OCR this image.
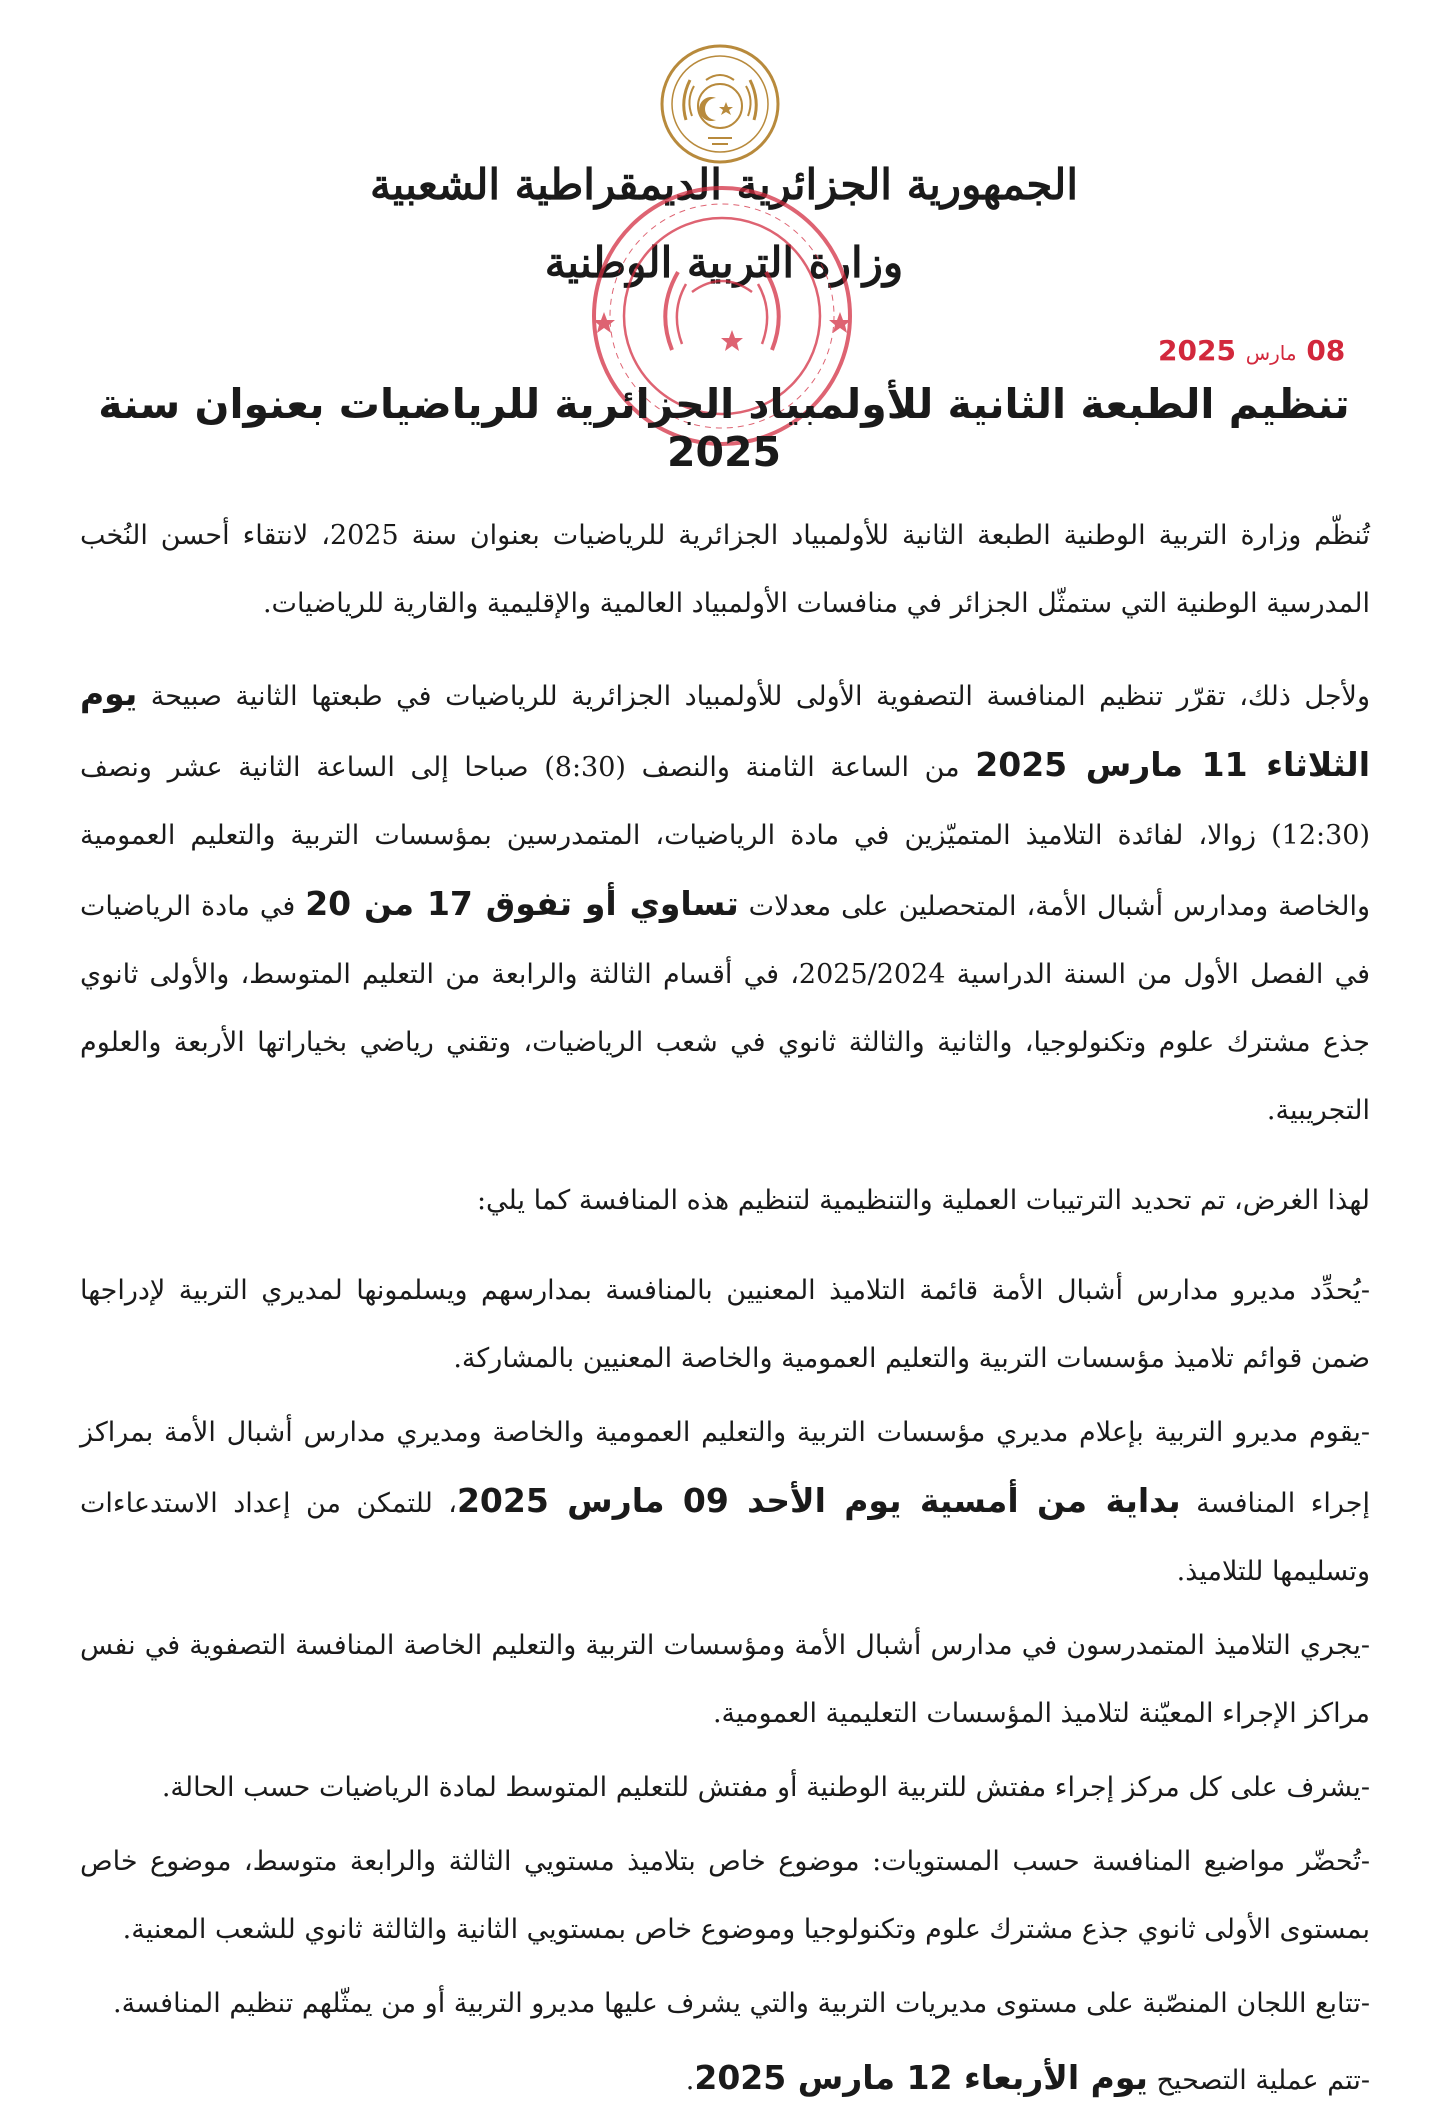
الجمهورية الجزائرية الديمقراطية الشعبية
وزارة التربية الوطنية
08 مارس 2025
تنظيم الطبعة الثانية للأولمبياد الجزائرية للرياضيات بعنوان سنة 2025

تُنظّم وزارة التربية الوطنية الطبعة الثانية للأولمبياد الجزائرية للرياضيات بعنوان سنة 2025، لانتقاء أحسن النُخب المدرسية الوطنية التي ستمثّل الجزائر في منافسات الأولمبياد العالمية والإقليمية والقارية للرياضيات.

ولأجل ذلك، تقرّر تنظيم المنافسة التصفوية الأولى للأولمبياد الجزائرية للرياضيات في طبعتها الثانية صبيحة يوم الثلاثاء 11 مارس 2025 من الساعة الثامنة والنصف (8:30) صباحا إلى الساعة الثانية عشر ونصف (12:30) زوالا، لفائدة التلاميذ المتميّزين في مادة الرياضيات، المتمدرسين بمؤسسات التربية والتعليم العمومية والخاصة ومدارس أشبال الأمة، المتحصلين على معدلات تساوي أو تفوق 17 من 20 في مادة الرياضيات في الفصل الأول من السنة الدراسية 2025/2024، في أقسام الثالثة والرابعة من التعليم المتوسط، والأولى ثانوي جذع مشترك علوم وتكنولوجيا، والثانية والثالثة ثانوي في شعب الرياضيات، وتقني رياضي بخياراتها الأربعة والعلوم التجريبية.

لهذا الغرض، تم تحديد الترتيبات العملية والتنظيمية لتنظيم هذه المنافسة كما يلي:

-يُحدِّد مديرو مدارس أشبال الأمة قائمة التلاميذ المعنيين بالمنافسة بمدارسهم ويسلمونها لمديري التربية لإدراجها ضمن قوائم تلاميذ مؤسسات التربية والتعليم العمومية والخاصة المعنيين بالمشاركة.

-يقوم مديرو التربية بإعلام مديري مؤسسات التربية والتعليم العمومية والخاصة ومديري مدارس أشبال الأمة بمراكز إجراء المنافسة بداية من أمسية يوم الأحد 09 مارس 2025، للتمكن من إعداد الاستدعاءات وتسليمها للتلاميذ.

-يجري التلاميذ المتمدرسون في مدارس أشبال الأمة ومؤسسات التربية والتعليم الخاصة المنافسة التصفوية في نفس مراكز الإجراء المعيّنة لتلاميذ المؤسسات التعليمية العمومية.

-يشرف على كل مركز إجراء مفتش للتربية الوطنية أو مفتش للتعليم المتوسط لمادة الرياضيات حسب الحالة.

-تُحضّر مواضيع المنافسة حسب المستويات: موضوع خاص بتلاميذ مستويي الثالثة والرابعة متوسط، موضوع خاص بمستوى الأولى ثانوي جذع مشترك علوم وتكنولوجيا وموضوع خاص بمستويي الثانية والثالثة ثانوي للشعب المعنية.

-تتابع اللجان المنصّبة على مستوى مديريات التربية والتي يشرف عليها مديرو التربية أو من يمثّلهم تنظيم المنافسة.

-تتم عملية التصحيح يوم الأربعاء 12 مارس 2025.
